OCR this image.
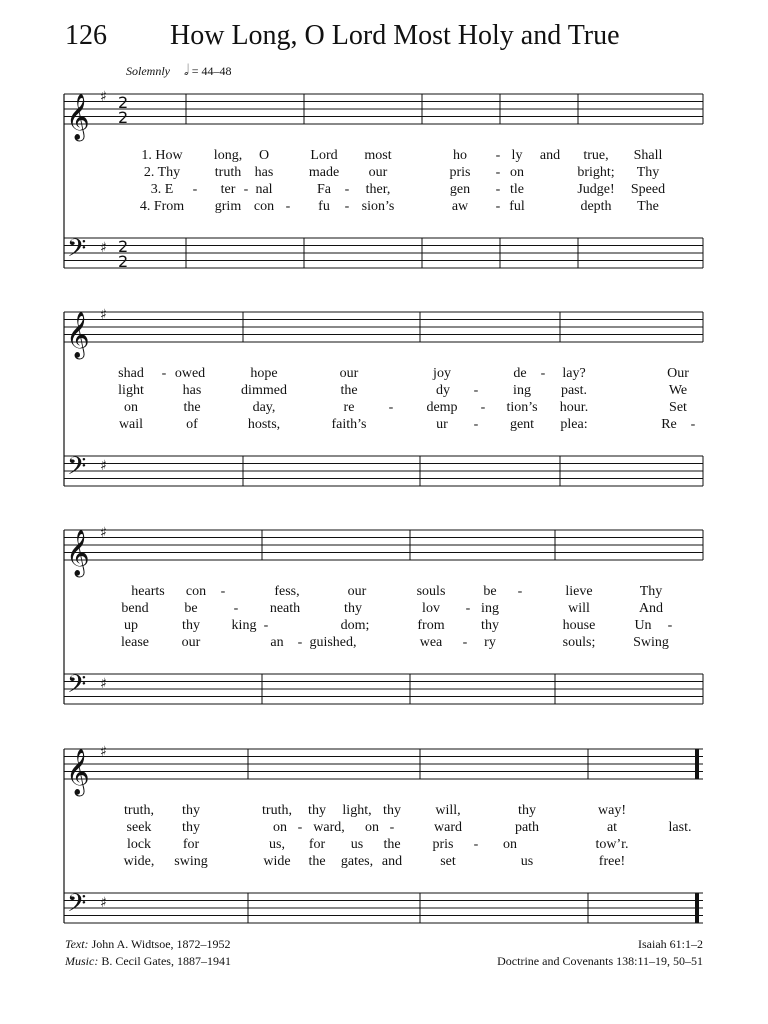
126 How Long, O Lord Most Holy and True
Solemnly 𝅗𝅥 = 44–48
𝄞
𝄢
♯
♯
2
2
2
2
1. How long, O	Lord most	ho - ly and true, Shall
2. Thy truth has	made our	pris - on	bright; Thy
3. E - ter - nal	Fa - ther,	gen - tle	Judge! Speed
4. From grim con - fu - sion’s	aw - ful	depth The
𝄞
𝄢
♯
♯
shad - owed	hope	our	joy	de - lay?	Our
light	has	dimmed	the	dy - ing past.	We
on	the	day,	re - demp - tion’s hour.	Set
wail	of	hosts,	faith’s	ur - gent plea:	Re -
𝄞
𝄢
♯
♯
hearts con -	fess,	our	souls	be -	lieve	Thy
bend	be	- neath	thy	lov - ing	will	And
up	thy king -	dom;	from	thy	house	Un -
lease our	an - guished,	wea - ry	souls;	Swing
𝄞
𝄢
♯
♯
truth, thy	truth, thy light, thy will,	thy	way!
seek thy	on - ward, on -	ward	path	at	last.
lock for	us, for us the pris - on	tow’r.
wide, swing	wide the gates, and	set	us	free!
Text: John A. Widtsoe, 1872–1952
Music: B. Cecil Gates, 1887–1941
Isaiah 61:1–2
Doctrine and Covenants 138:11–19, 50–51
